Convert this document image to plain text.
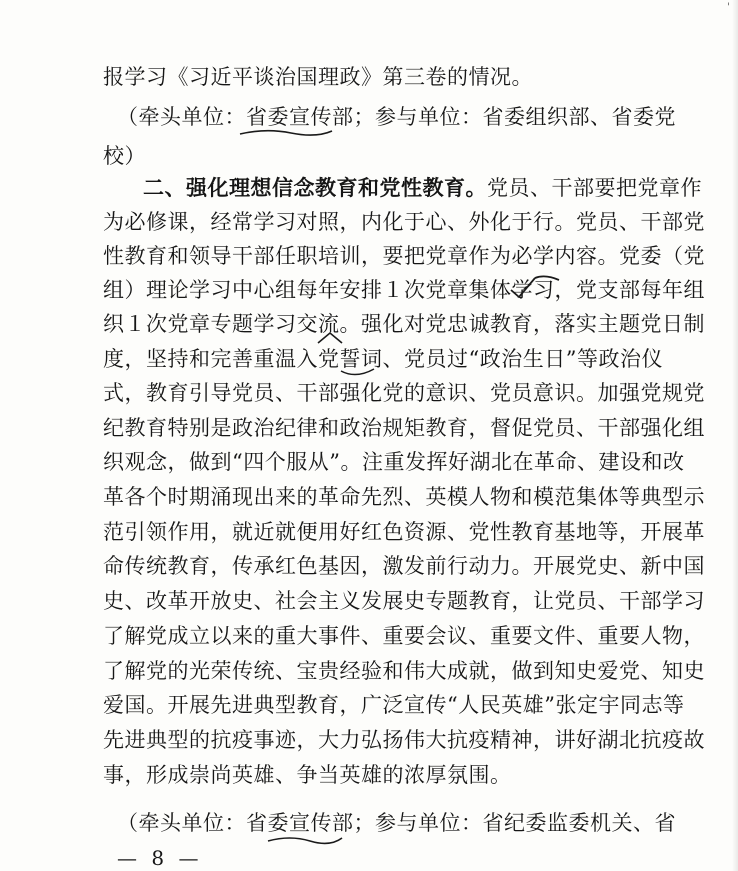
'
报学习《习近平谈治国理政》第三卷的情况。
（牵头单位：省委宣传部；参与单位：省委组织部、省委党
校）
二、强化理想信念教育和党性教育。党员、干部要把党章作
为必修课，经常学习对照，内化于心、外化于行。党员、干部党
性教育和领导干部任职培训，要把党章作为必学内容。党委（党
组）理论学习中心组每年安排１次党章集体学习，党支部每年组
织１次党章专题学习交流。强化对党忠诚教育，落实主题党日制
度，坚持和完善重温入党誓词、党员过“政治生日”等政治仪
式，教育引导党员、干部强化党的意识、党员意识。加强党规党
纪教育特别是政治纪律和政治规矩教育，督促党员、干部强化组
织观念，做到“四个服从”。注重发挥好湖北在革命、建设和改
革各个时期涌现出来的革命先烈、英模人物和模范集体等典型示
范引领作用，就近就便用好红色资源、党性教育基地等，开展革
命传统教育，传承红色基因，激发前行动力。开展党史、新中国
史、改革开放史、社会主义发展史专题教育，让党员、干部学习
了解党成立以来的重大事件、重要会议、重要文件、重要人物，
了解党的光荣传统、宝贵经验和伟大成就，做到知史爱党、知史
爱国。开展先进典型教育，广泛宣传“人民英雄”张定宇同志等
先进典型的抗疫事迹，大力弘扬伟大抗疫精神，讲好湖北抗疫故
事，形成崇尚英雄、争当英雄的浓厚氛围。
（牵头单位：省委宣传部；参与单位：省纪委监委机关、省
— 8 —
